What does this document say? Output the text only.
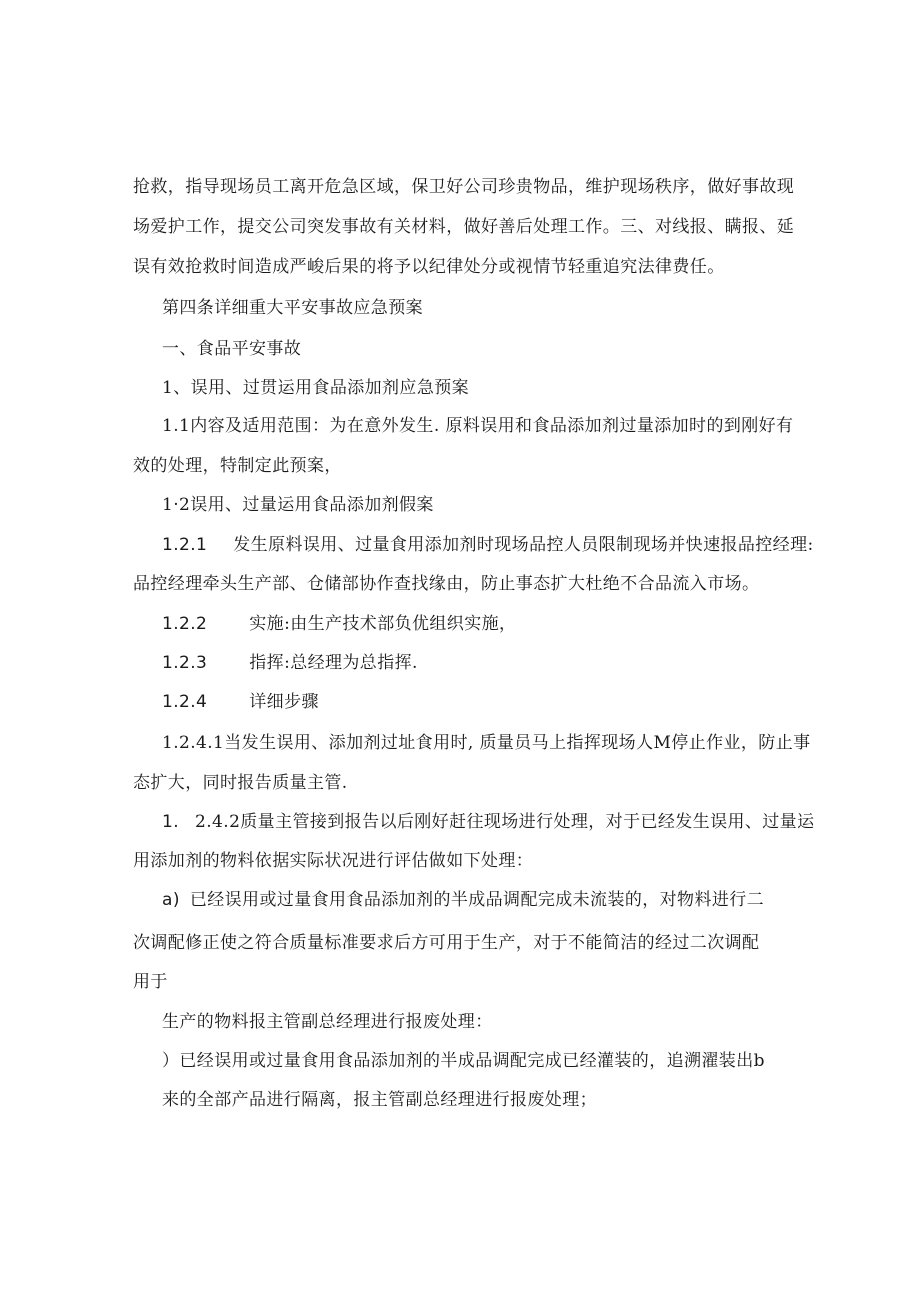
抢救，指导现场员工离开危急区域，保卫好公司珍贵物品，维护现场秩序，做好事故现
场爱护工作，提交公司突发事故有关材料，做好善后处理工作。三、对线报、瞒报、延
误有效抢救时间造成严峻后果的将予以纪律处分或视情节轻重追究法律费任。
第四条详细重大平安事故应急预案
一、食品平安事故
1、误用、过贯运用食品添加剂应急预案
1.1内容及适用范围：为在意外发生. 原料误用和食品添加剂过量添加时的到刚好有
效的处理，特制定此预案，
1·2误用、过量运用食品添加剂假案
1.2.1 发生原料误用、过量食用添加剂时现场品控人员限制现场并快速报品控经理:
品控经理牵头生产部、仓储部协作查找缘由，防止事态扩大杜绝不合品流入市场。
1.2.2 实施:由生产技术部负优组织实施，
1.2.3 指挥:总经理为总指挥.
1.2.4 详细步骤
1.2.4.1当发生误用、添加剂过址食用时, 质量员马上指挥现场人M停止作业，防止事
态扩大，同时报告质量主管.
1. 2.4.2质量主管接到报告以后刚好赶往现场进行处理，对于已经发生误用、过量运
用添加剂的物料依据实际状况进行评估做如下处理：
a) 已经误用或过量食用食品添加剂的半成品调配完成未流装的，对物料进行二
次调配修正使之符合质量标准要求后方可用于生产，对于不能简洁的经过二次调配
用于
生产的物料报主管副总经理进行报废处理：
）已经误用或过量食用食品添加剂的半成品调配完成已经灌装的，追溯濯装出b
来的全部产品进行隔离，报主管副总经理进行报废处理；
